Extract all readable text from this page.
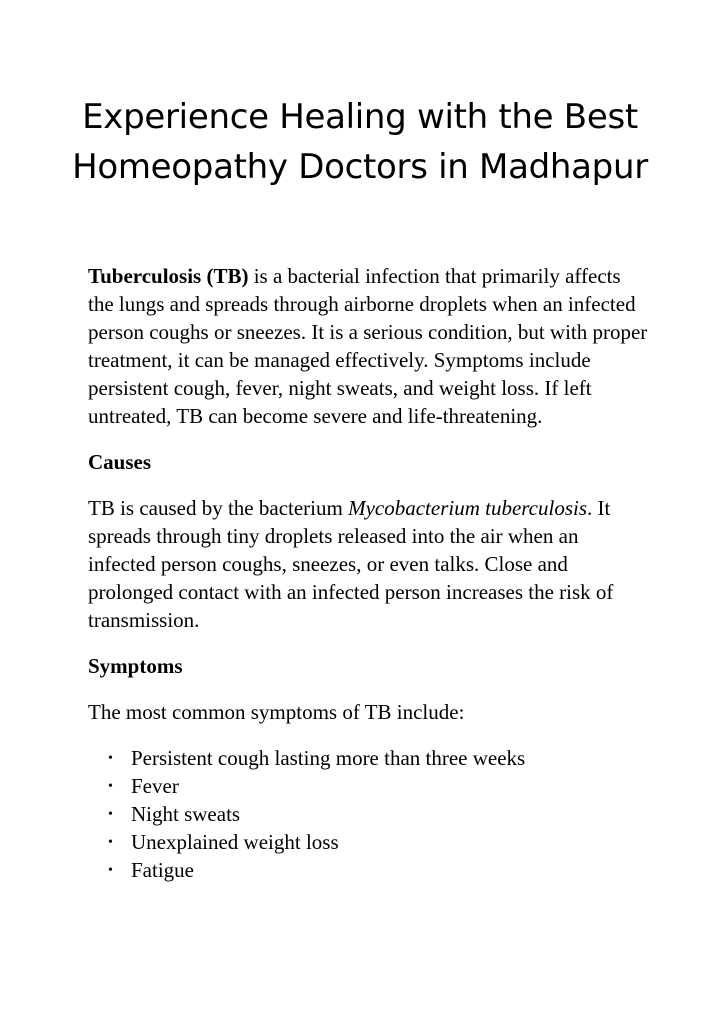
Experience Healing with the Best Homeopathy Doctors in Madhapur

Tuberculosis (TB) is a bacterial infection that primarily affects the lungs and spreads through airborne droplets when an infected person coughs or sneezes. It is a serious condition, but with proper treatment, it can be managed effectively. Symptoms include persistent cough, fever, night sweats, and weight loss. If left untreated, TB can become severe and life-threatening.

Causes

TB is caused by the bacterium Mycobacterium tuberculosis. It spreads through tiny droplets released into the air when an infected person coughs, sneezes, or even talks. Close and prolonged contact with an infected person increases the risk of transmission.

Symptoms

The most common symptoms of TB include:

• Persistent cough lasting more than three weeks
• Fever
• Night sweats
• Unexplained weight loss
• Fatigue
